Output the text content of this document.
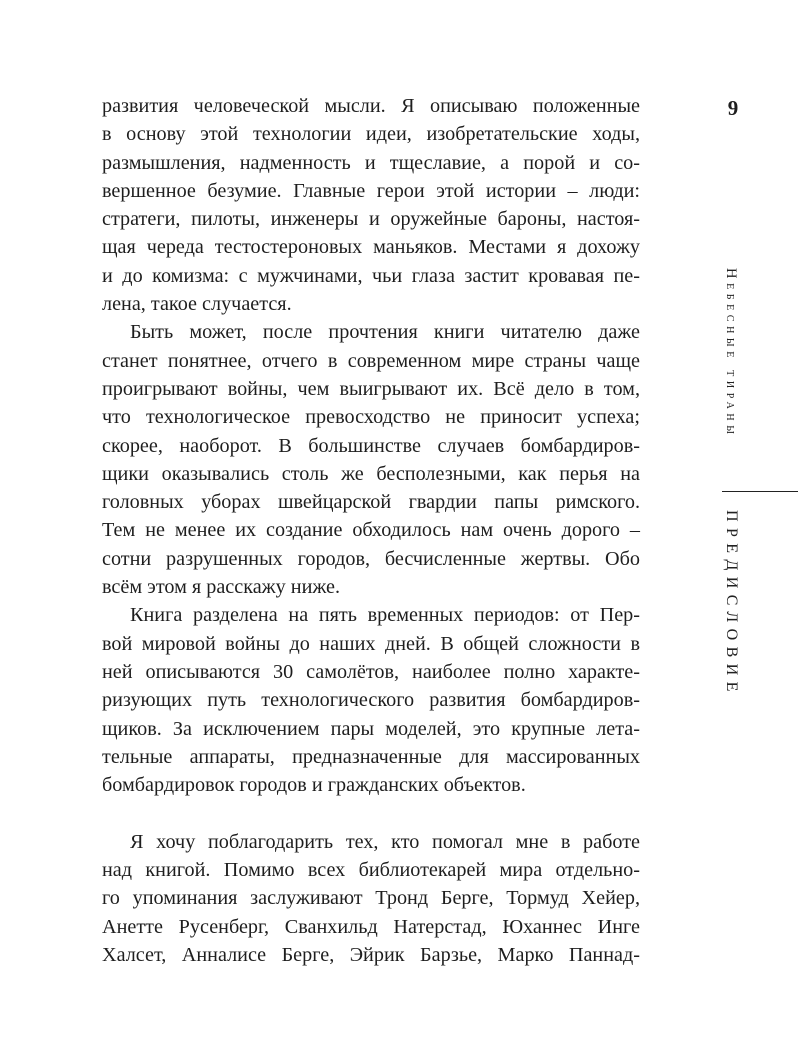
9
Небесные тираны
ПРЕДИСЛОВИЕ
развития человеческой мысли. Я описываю положенные
в основу этой технологии идеи, изобретательские ходы,
размышления, надменность и тщеславие, а порой и со-
вершенное безумие. Главные герои этой истории – люди:
стратеги, пилоты, инженеры и оружейные бароны, настоя-
щая череда тестостероновых маньяков. Местами я дохожу
и до комизма: с мужчинами, чьи глаза застит кровавая пе-
лена, такое случается.
Быть может, после прочтения книги читателю даже
станет понятнее, отчего в современном мире страны чаще
проигрывают войны, чем выигрывают их. Всё дело в том,
что технологическое превосходство не приносит успеха;
скорее, наоборот. В большинстве случаев бомбардиров-
щики оказывались столь же бесполезными, как перья на
головных уборах швейцарской гвардии папы римского.
Тем не менее их создание обходилось нам очень дорого –
сотни разрушенных городов, бесчисленные жертвы. Обо
всём этом я расскажу ниже.
Книга разделена на пять временных периодов: от Пер-
вой мировой войны до наших дней. В общей сложности в
ней описываются 30 самолётов, наиболее полно характе-
ризующих путь технологического развития бомбардиров-
щиков. За исключением пары моделей, это крупные лета-
тельные аппараты, предназначенные для массированных
бомбардировок городов и гражданских объектов.
Я хочу поблагодарить тех, кто помогал мне в работе
над книгой. Помимо всех библиотекарей мира отдельно-
го упоминания заслуживают Тронд Берге, Тормуд Хейер,
Анетте Русенберг, Сванхильд Натерстад, Юханнес Инге
Халсет, Анналисе Берге, Эйрик Барзье, Марко Паннад-
